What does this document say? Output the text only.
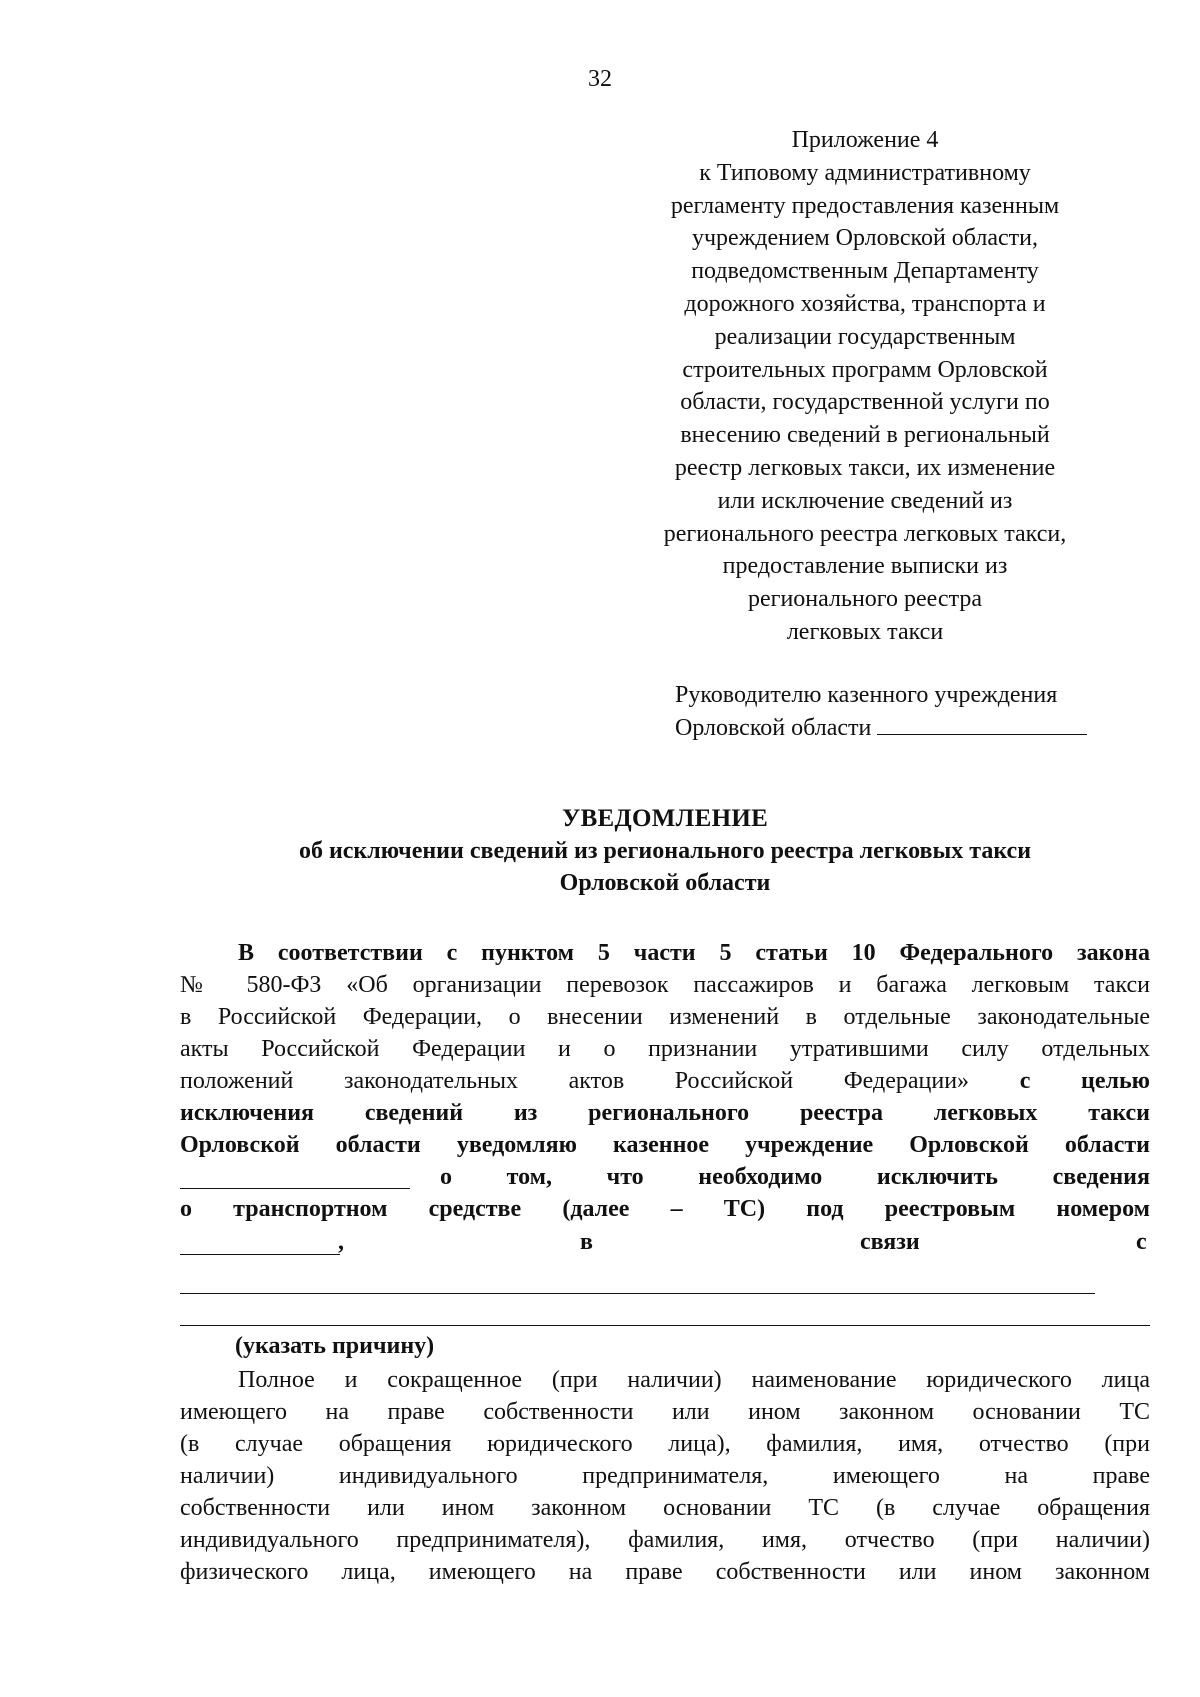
32
Приложение 4
к Типовому административному
регламенту предоставления казенным
учреждением Орловской области,
подведомственным Департаменту
дорожного хозяйства, транспорта и
реализации государственным
строительных программ Орловской
области, государственной услуги по
внесению сведений в региональный
реестр легковых такси, их изменение
или исключение сведений из
регионального реестра легковых такси,
предоставление выписки из
регионального реестра
легковых такси
Руководителю казенного учреждения
Орловской области
УВЕДОМЛЕНИЕ
об исключении сведений из регионального реестра легковых такси
Орловской области
В соответствии с пунктом 5 части 5 статьи 10 Федерального закона
№ 580-ФЗ «Об организации перевозок пассажиров и багажа легковым такси
в Российской Федерации, о внесении изменений в отдельные законодательные
акты Российской Федерации и о признании утратившими силу отдельных
положений законодательных актов Российской Федерации» с целью
исключения сведений из регионального реестра легковых такси
Орловской области уведомляю казенное учреждение Орловской области
о том, что необходимо исключить сведения
о транспортном средстве (далее – ТС) под реестровым номером
,	в	связи	с
(указать причину)
Полное и сокращенное (при наличии) наименование юридического лица
имеющего на праве собственности или ином законном основании ТС
(в случае обращения юридического лица), фамилия, имя, отчество (при
наличии) индивидуального предпринимателя, имеющего на праве
собственности или ином законном основании ТС (в случае обращения
индивидуального предпринимателя), фамилия, имя, отчество (при наличии)
физического лица, имеющего на праве собственности или ином законном
